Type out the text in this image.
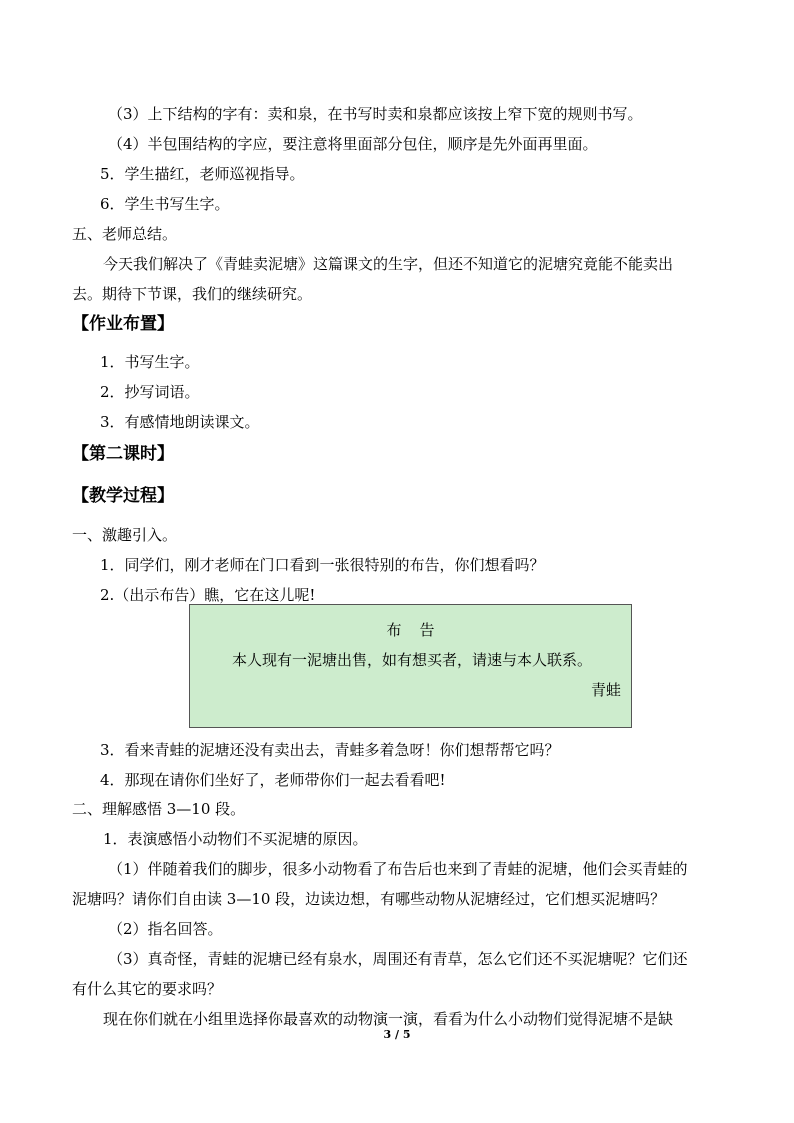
（3）上下结构的字有：卖和泉，在书写时卖和泉都应该按上窄下宽的规则书写。
（4）半包围结构的字应，要注意将里面部分包住，顺序是先外面再里面。
5．学生描红，老师巡视指导。
6．学生书写生字。
五、老师总结。
今天我们解决了《青蛙卖泥塘》这篇课文的生字，但还不知道它的泥塘究竟能不能卖出
去。期待下节课，我们的继续研究。
【作业布置】
1．书写生字。
2．抄写词语。
3．有感情地朗读课文。
【第二课时】
【教学过程】
一、激趣引入。
1．同学们，刚才老师在门口看到一张很特别的布告，你们想看吗？
2.（出示布告）瞧，它在这儿呢!
布告
本人现有一泥塘出售，如有想买者，请速与本人联系。
青蛙
3．看来青蛙的泥塘还没有卖出去，青蛙多着急呀！你们想帮帮它吗？
4．那现在请你们坐好了，老师带你们一起去看看吧!
二、理解感悟 3—10 段。
1．表演感悟小动物们不买泥塘的原因。
（1）伴随着我们的脚步，很多小动物看了布告后也来到了青蛙的泥塘，他们会买青蛙的
泥塘吗？请你们自由读 3—10 段，边读边想，有哪些动物从泥塘经过，它们想买泥塘吗？
（2）指名回答。
（3）真奇怪，青蛙的泥塘已经有泉水，周围还有青草，怎么它们还不买泥塘呢？它们还
有什么其它的要求吗？
现在你们就在小组里选择你最喜欢的动物演一演，看看为什么小动物们觉得泥塘不是缺
3 / 5
